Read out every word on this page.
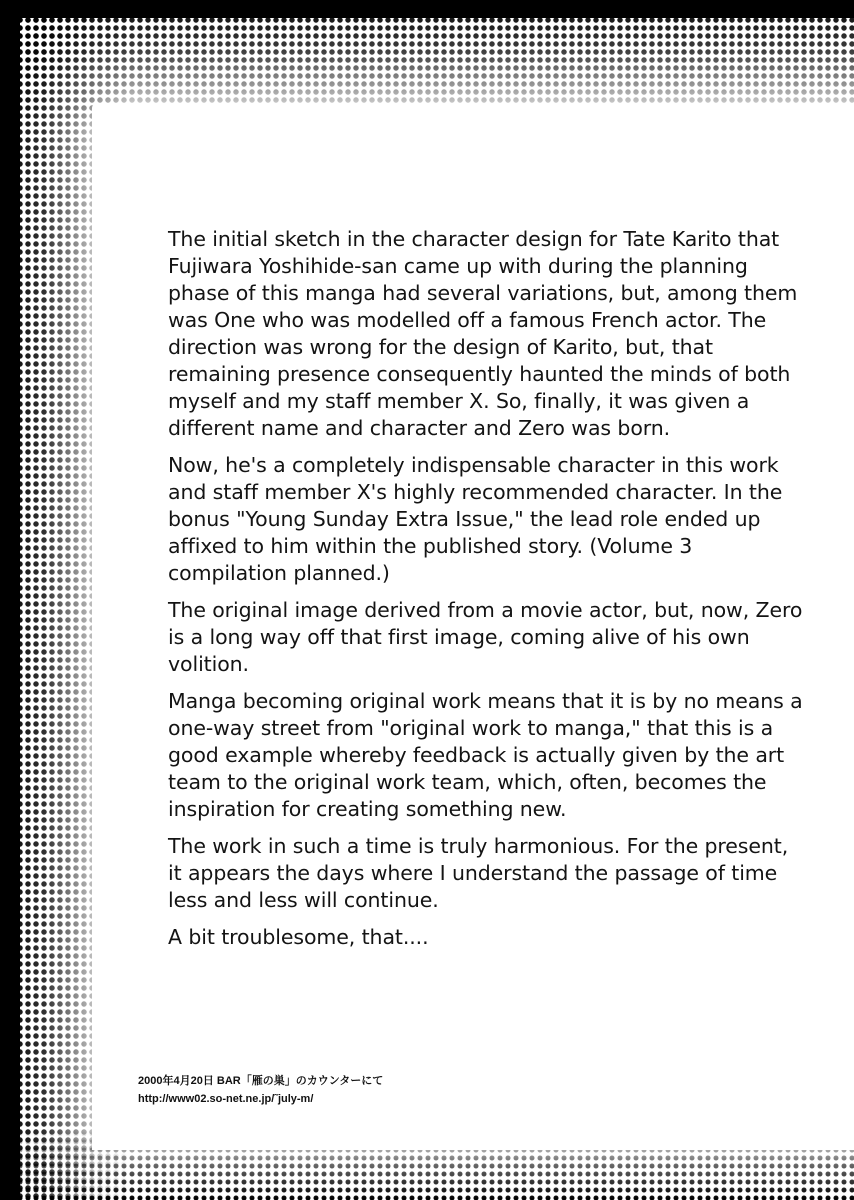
The initial sketch in the character design for Tate Karito that Fujiwara Yoshihide-san came up with during the planning phase of this manga had several variations, but, among them was One who was modelled off a famous French actor. The direction was wrong for the design of Karito, but, that remaining presence consequently haunted the minds of both myself and my staff member X. So, finally, it was given a different name and character and Zero was born.

Now, he's a completely indispensable character in this work and staff member X's highly recommended character. In the bonus "Young Sunday Extra Issue," the lead role ended up affixed to him within the published story. (Volume 3 compilation planned.)

The original image derived from a movie actor, but, now, Zero is a long way off that first image, coming alive of his own volition.

Manga becoming original work means that it is by no means a one-way street from "original work to manga," that this is a good example whereby feedback is actually given by the art team to the original work team, which, often, becomes the inspiration for creating something new.

The work in such a time is truly harmonious. For the present, it appears the days where I understand the passage of time less and less will continue.

A bit troublesome, that....

2000年4月20日 BAR「雁の巣」のカウンターにて
http://www02.so-net.ne.jp/˜july-m/
